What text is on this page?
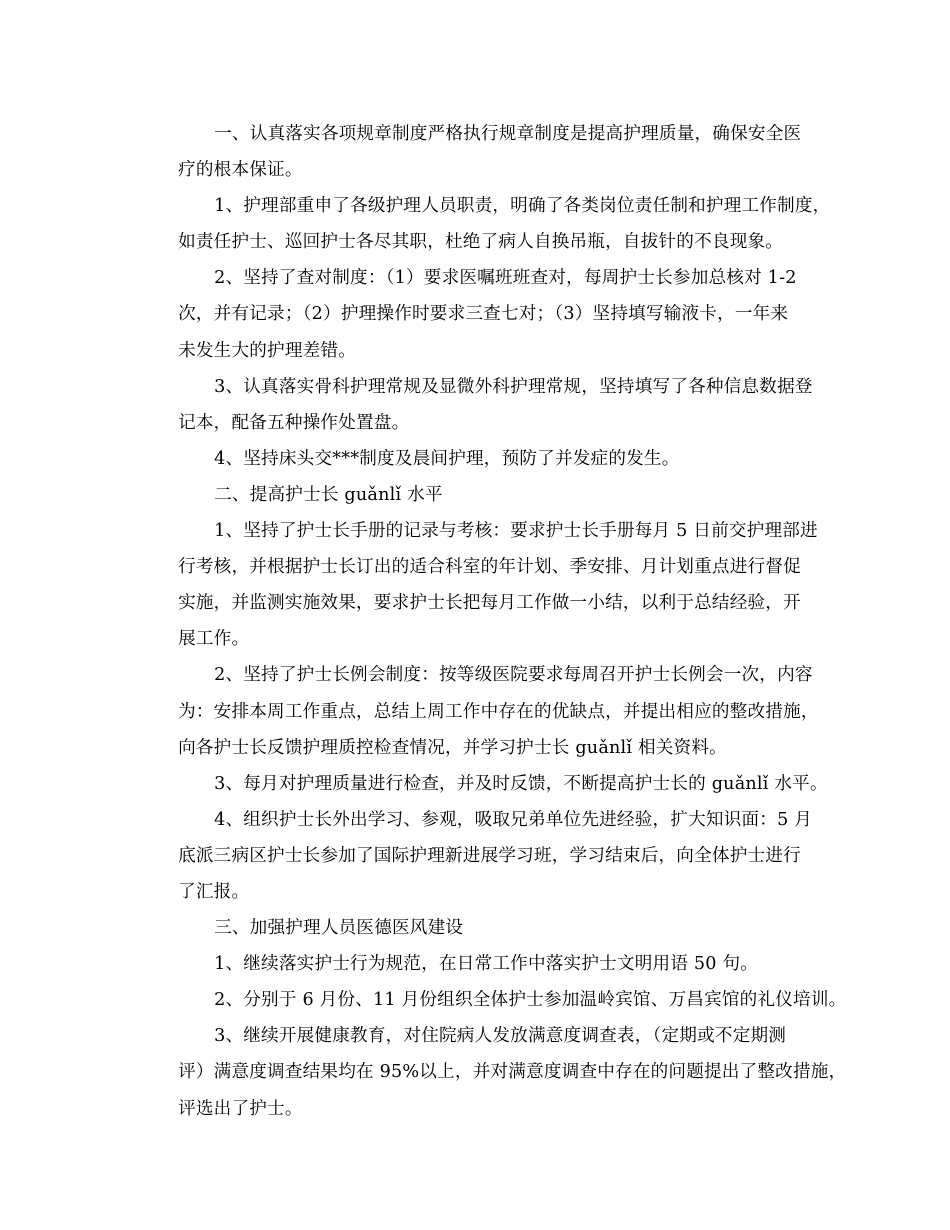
一、认真落实各项规章制度严格执行规章制度是提高护理质量，确保安全医
疗的根本保证。

1、护理部重申了各级护理人员职责，明确了各类岗位责任制和护理工作制度，
如责任护士、巡回护士各尽其职，杜绝了病人自换吊瓶，自拔针的不良现象。

2、坚持了查对制度：（1）要求医嘱班班查对，每周护士长参加总核对 1-2
次，并有记录；（2）护理操作时要求三查七对；（3）坚持填写输液卡，一年来
未发生大的护理差错。

3、认真落实骨科护理常规及显微外科护理常规，坚持填写了各种信息数据登
记本，配备五种操作处置盘。

4、坚持床头交***制度及晨间护理，预防了并发症的发生。

二、提高护士长 guǎnlǐ 水平

1、坚持了护士长手册的记录与考核：要求护士长手册每月 5 日前交护理部进
行考核，并根据护士长订出的适合科室的年计划、季安排、月计划重点进行督促
实施，并监测实施效果，要求护士长把每月工作做一小结，以利于总结经验，开
展工作。

2、坚持了护士长例会制度：按等级医院要求每周召开护士长例会一次，内容
为：安排本周工作重点，总结上周工作中存在的优缺点，并提出相应的整改措施，
向各护士长反馈护理质控检查情况，并学习护士长 guǎnlǐ 相关资料。

3、每月对护理质量进行检查，并及时反馈，不断提高护士长的 guǎnlǐ 水平。

4、组织护士长外出学习、参观，吸取兄弟单位先进经验，扩大知识面：5 月
底派三病区护士长参加了国际护理新进展学习班，学习结束后，向全体护士进行
了汇报。

三、加强护理人员医德医风建设

1、继续落实护士行为规范，在日常工作中落实护士文明用语 50 句。

2、分别于 6 月份、11 月份组织全体护士参加温岭宾馆、万昌宾馆的礼仪培训。

3、继续开展健康教育，对住院病人发放满意度调查表，（定期或不定期测
评）满意度调查结果均在 95%以上，并对满意度调查中存在的问题提出了整改措施，
评选出了护士。
